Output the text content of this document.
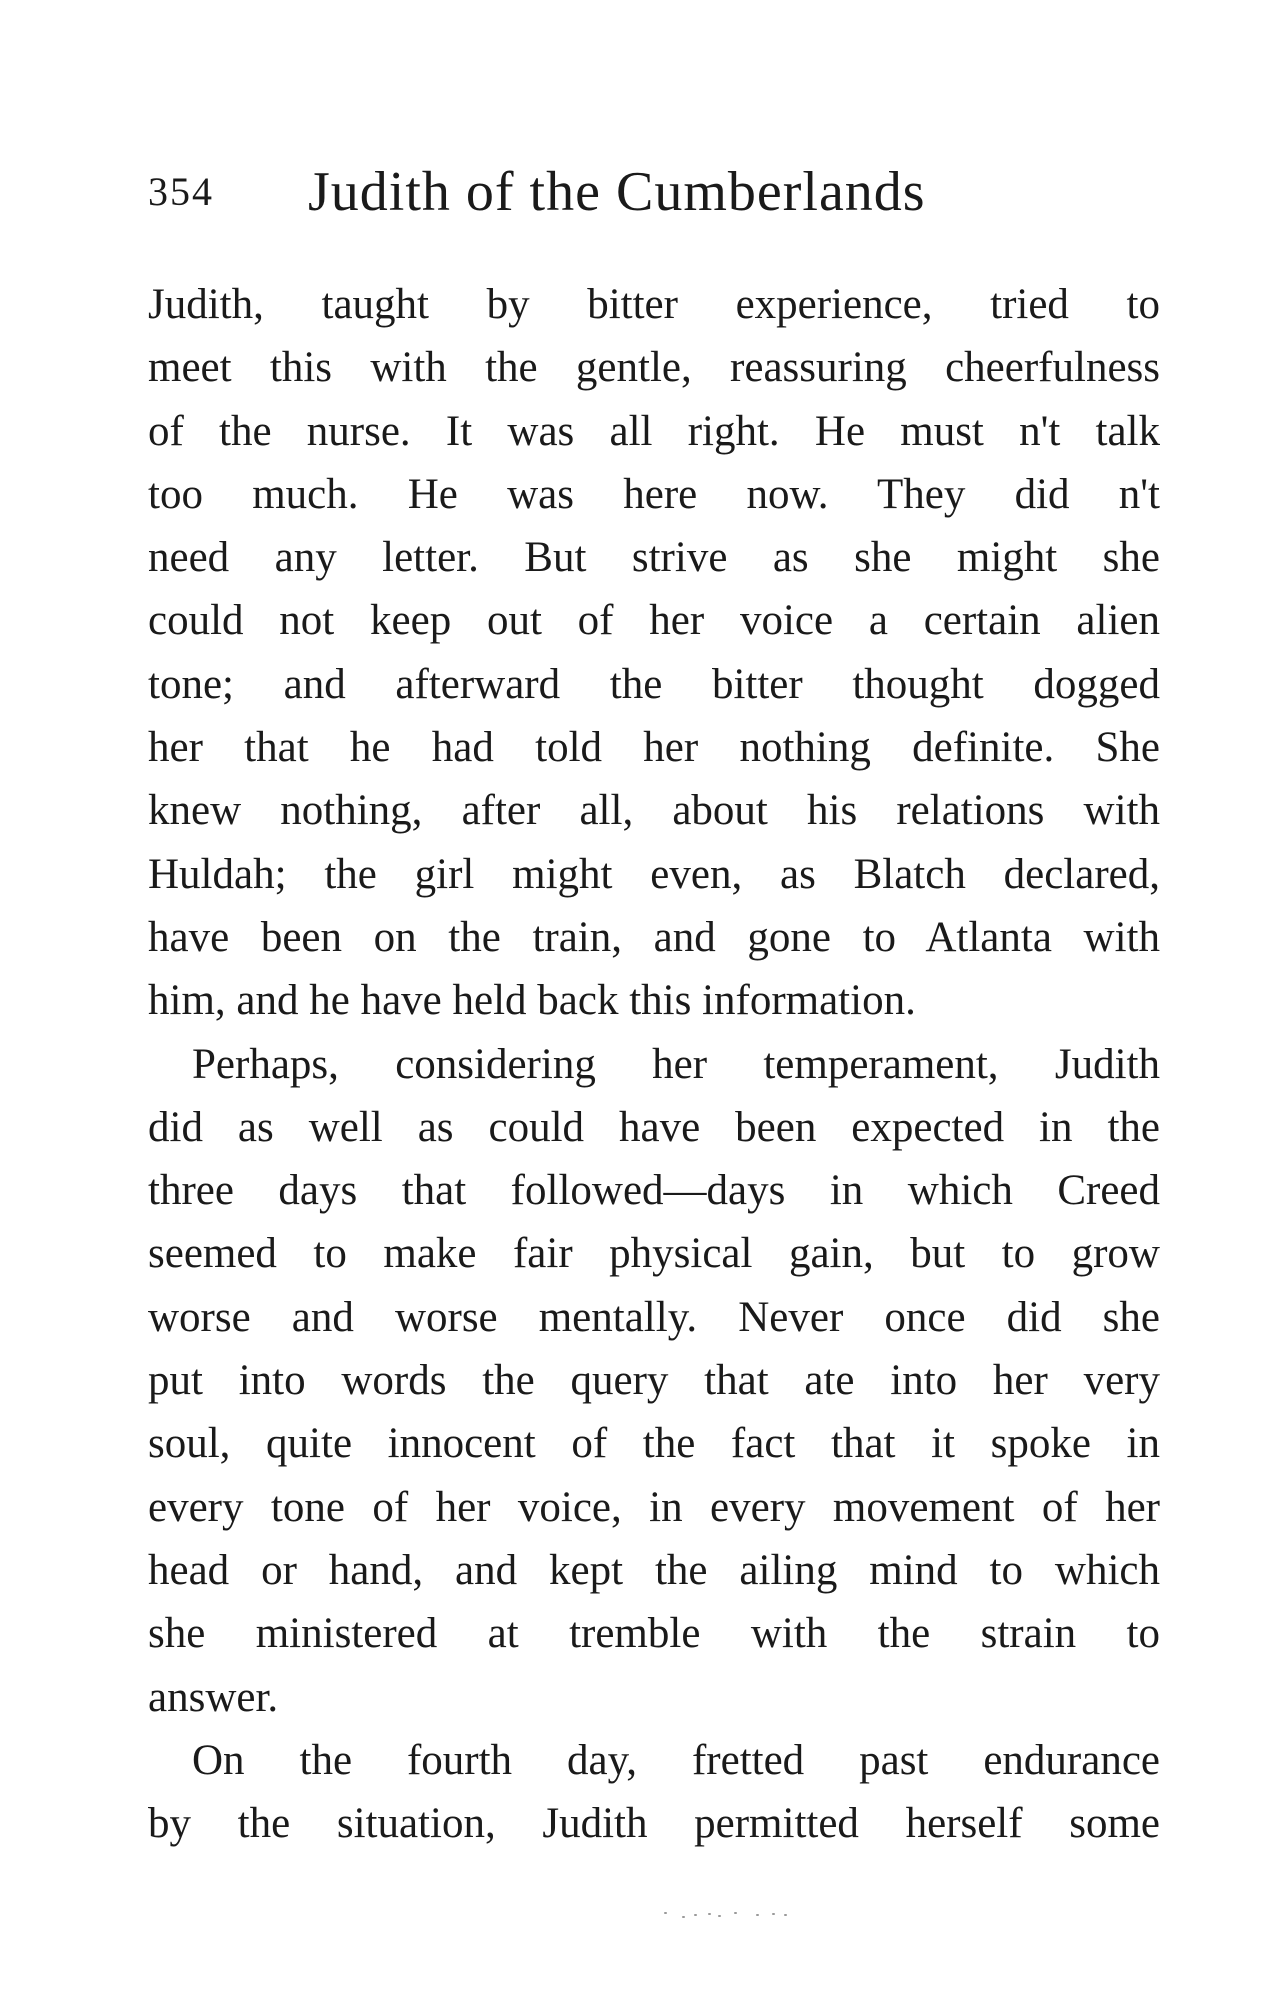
354 Judith of the Cumberlands
Judith, taught by bitter experience, tried to
meet this with the gentle, reassuring cheerfulness
of the nurse. It was all right. He must n't talk
too much. He was here now. They did n't
need any letter. But strive as she might she
could not keep out of her voice a certain alien
tone; and afterward the bitter thought dogged
her that he had told her nothing definite. She
knew nothing, after all, about his relations with
Huldah; the girl might even, as Blatch declared,
have been on the train, and gone to Atlanta with
him, and he have held back this information.
Perhaps, considering her temperament, Judith
did as well as could have been expected in the
three days that followed—days in which Creed
seemed to make fair physical gain, but to grow
worse and worse mentally. Never once did she
put into words the query that ate into her very
soul, quite innocent of the fact that it spoke in
every tone of her voice, in every movement of her
head or hand, and kept the ailing mind to which
she ministered at tremble with the strain to
answer.
On the fourth day, fretted past endurance
by the situation, Judith permitted herself some
